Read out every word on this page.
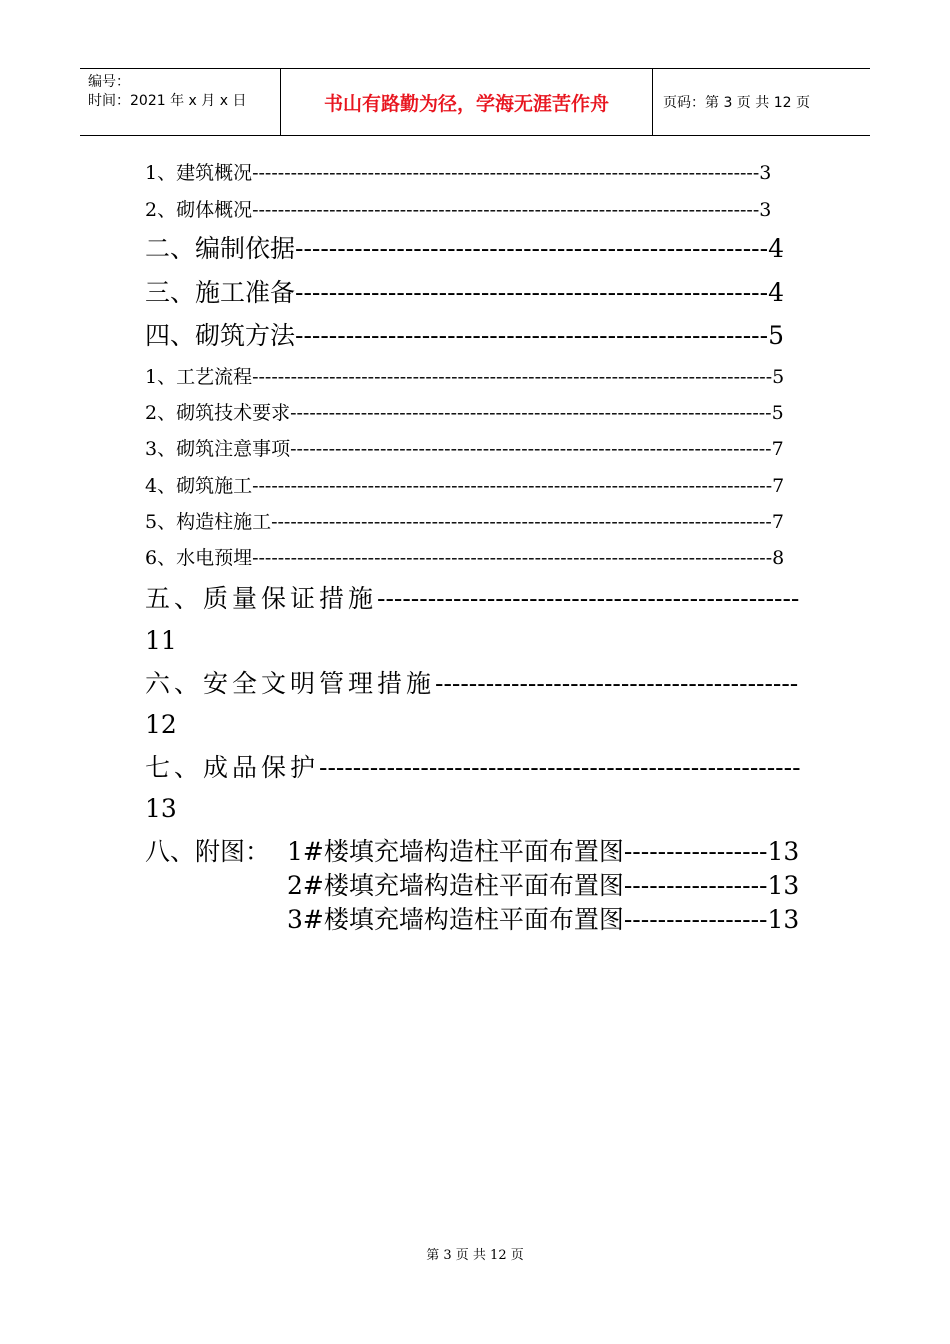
编号：
时间：2021 年 x 月 x 日	书山有路勤为径，学海无涯苦作舟	页码：第 3 页 共 12 页
1、建筑概况-------------------------------------------------------------------------------3
2、砌体概况-------------------------------------------------------------------------------3
二、编制依据--------------------------------------------------------4
三、施工准备--------------------------------------------------------4
四、砌筑方法--------------------------------------------------------5
1、工艺流程---------------------------------------------------------------------------------5
2、砌筑技术要求---------------------------------------------------------------------------5
3、砌筑注意事项---------------------------------------------------------------------------7
4、砌筑施工---------------------------------------------------------------------------------7
5、构造柱施工------------------------------------------------------------------------------7
6、水电预埋---------------------------------------------------------------------------------8
五、质量保证措施--------------------------------------------------
11
六、安全文明管理措施-------------------------------------------
12
七、成品保护---------------------------------------------------------
13
八、附图： 1#楼填充墙构造柱平面布置图-----------------13
2#楼填充墙构造柱平面布置图-----------------13
3#楼填充墙构造柱平面布置图-----------------13
第 3 页 共 12 页
